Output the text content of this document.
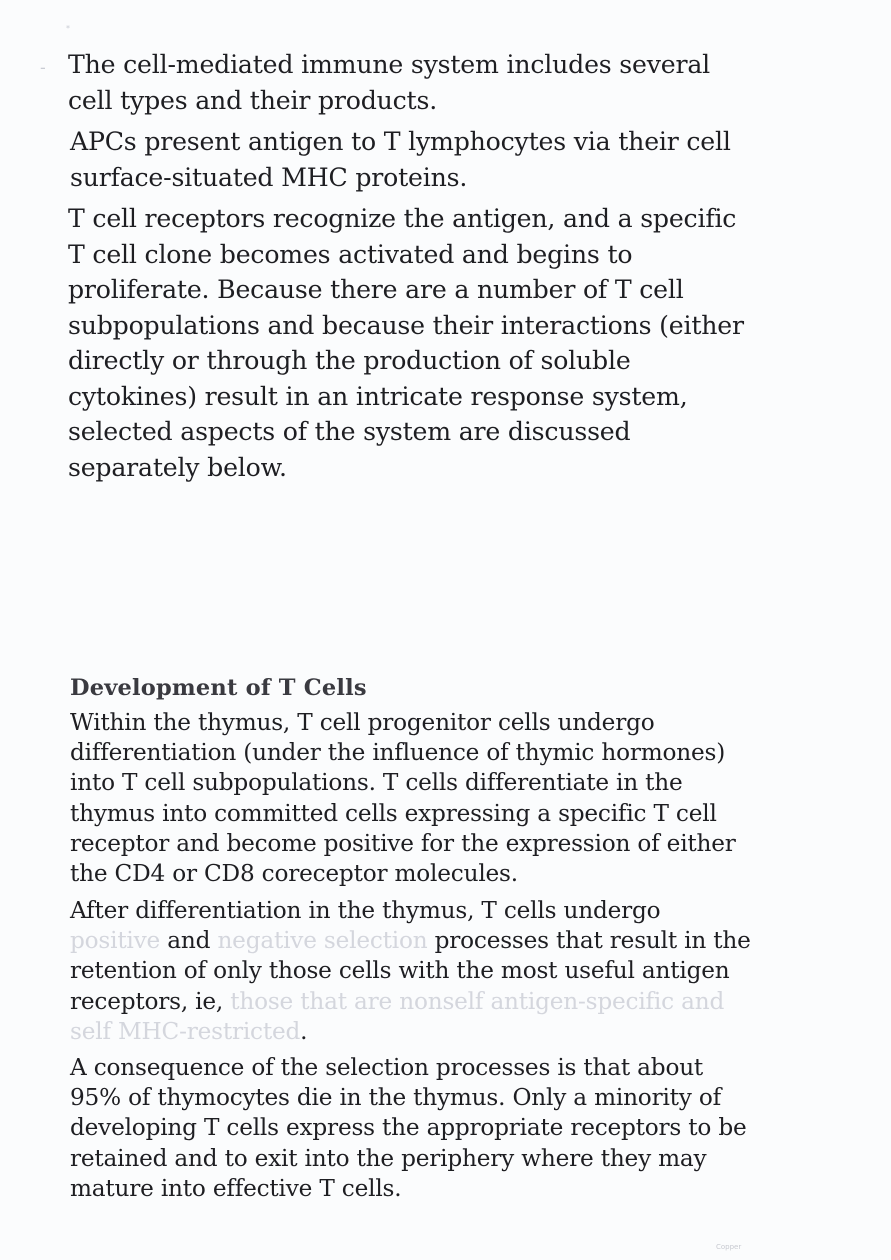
*
- The cell-mediated immune system includes several
cell types and their products.

APCs present antigen to T lymphocytes via their cell
surface-situated MHC proteins.

T cell receptors recognize the antigen, and a specific
T cell clone becomes activated and begins to
proliferate. Because there are a number of T cell
subpopulations and because their interactions (either
directly or through the production of soluble
cytokines) result in an intricate response system,
selected aspects of the system are discussed
separately below.

Development of T Cells

Within the thymus, T cell progenitor cells undergo
differentiation (under the influence of thymic hormones)
into T cell subpopulations. T cells differentiate in the
thymus into committed cells expressing a specific T cell
receptor and become positive for the expression of either
the CD4 or CD8 coreceptor molecules.

After differentiation in the thymus, T cells undergo
positive and negative selection processes that result in the
retention of only those cells with the most useful antigen
receptors, ie, those that are nonself antigen-specific and
self MHC-restricted.

A consequence of the selection processes is that about
95% of thymocytes die in the thymus. Only a minority of
developing T cells express the appropriate receptors to be
retained and to exit into the periphery where they may
mature into effective T cells.

Copper
